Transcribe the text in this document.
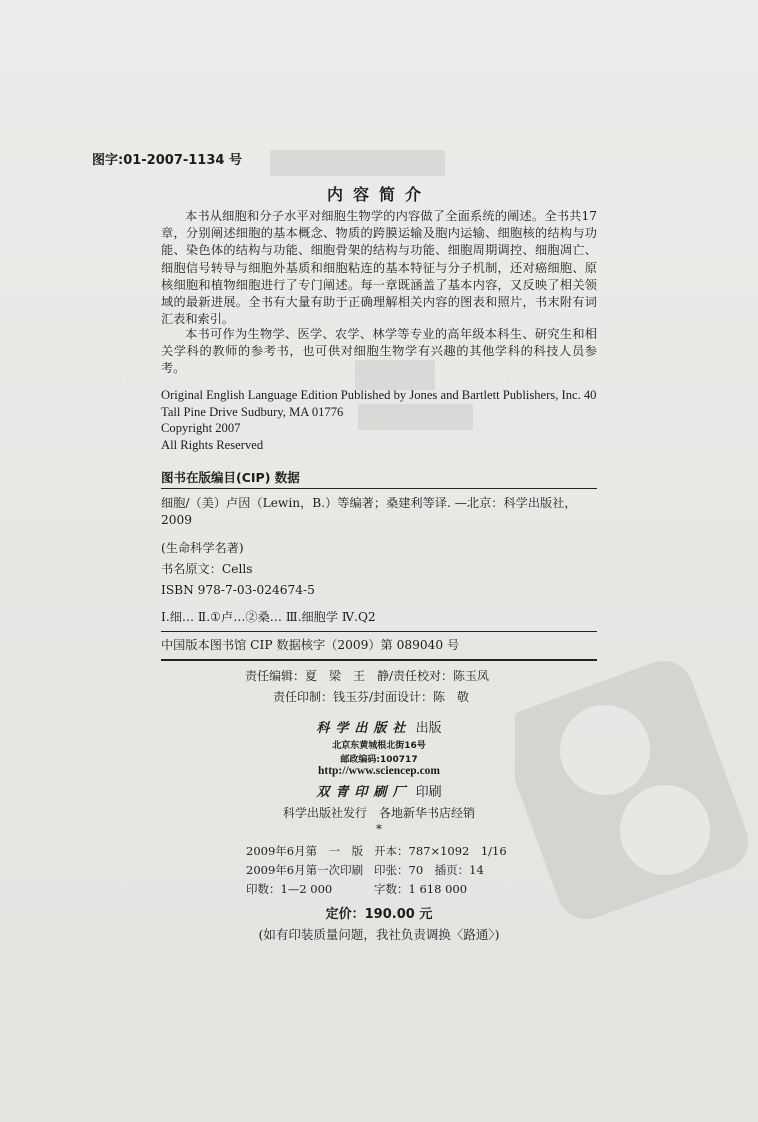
图字:01-2007-1134 号
内容简介
本书从细胞和分子水平对细胞生物学的内容做了全面系统的阐述。全书共17章，分别阐述细胞的基本概念、物质的跨膜运输及胞内运输、细胞核的结构与功能、染色体的结构与功能、细胞骨架的结构与功能、细胞周期调控、细胞凋亡、细胞信号转导与细胞外基质和细胞粘连的基本特征与分子机制，还对癌细胞、原核细胞和植物细胞进行了专门阐述。每一章既涵盖了基本内容，又反映了相关领域的最新进展。全书有大量有助于正确理解相关内容的图表和照片，书末附有词汇表和索引。
本书可作为生物学、医学、农学、林学等专业的高年级本科生、研究生和相关学科的教师的参考书，也可供对细胞生物学有兴趣的其他学科的科技人员参考。
Original English Language Edition Published by Jones and Bartlett Publishers, Inc. 40 Tall Pine Drive Sudbury, MA 01776
Copyright 2007
All Rights Reserved
图书在版编目(CIP) 数据
细胞/（美）卢因（Lewin，B.）等编著；桑建利等译. —北京：科学出版社，2009
(生命科学名著)
书名原文：Cells
ISBN 978-7-03-024674-5
Ⅰ.细… Ⅱ.①卢…②桑… Ⅲ.细胞学 Ⅳ.Q2
中国版本图书馆 CIP 数据核字（2009）第 089040 号
责任编辑：夏　梁　王　静/责任校对：陈玉凤
责任印制：钱玉芬/封面设计：陈　敬
科学出版社 出版
北京东黄城根北街16号
邮政编码:100717
http://www.sciencep.com
双青印刷厂 印刷
科学出版社发行　各地新华书店经销
*
2009年6月第　一　版 开本：787×1092　1/16
2009年6月第一次印刷 印张：70　插页：14
印数：1—2 000	字数：1 618 000
定价：190.00 元
(如有印装质量问题，我社负责调换〈路通〉)
